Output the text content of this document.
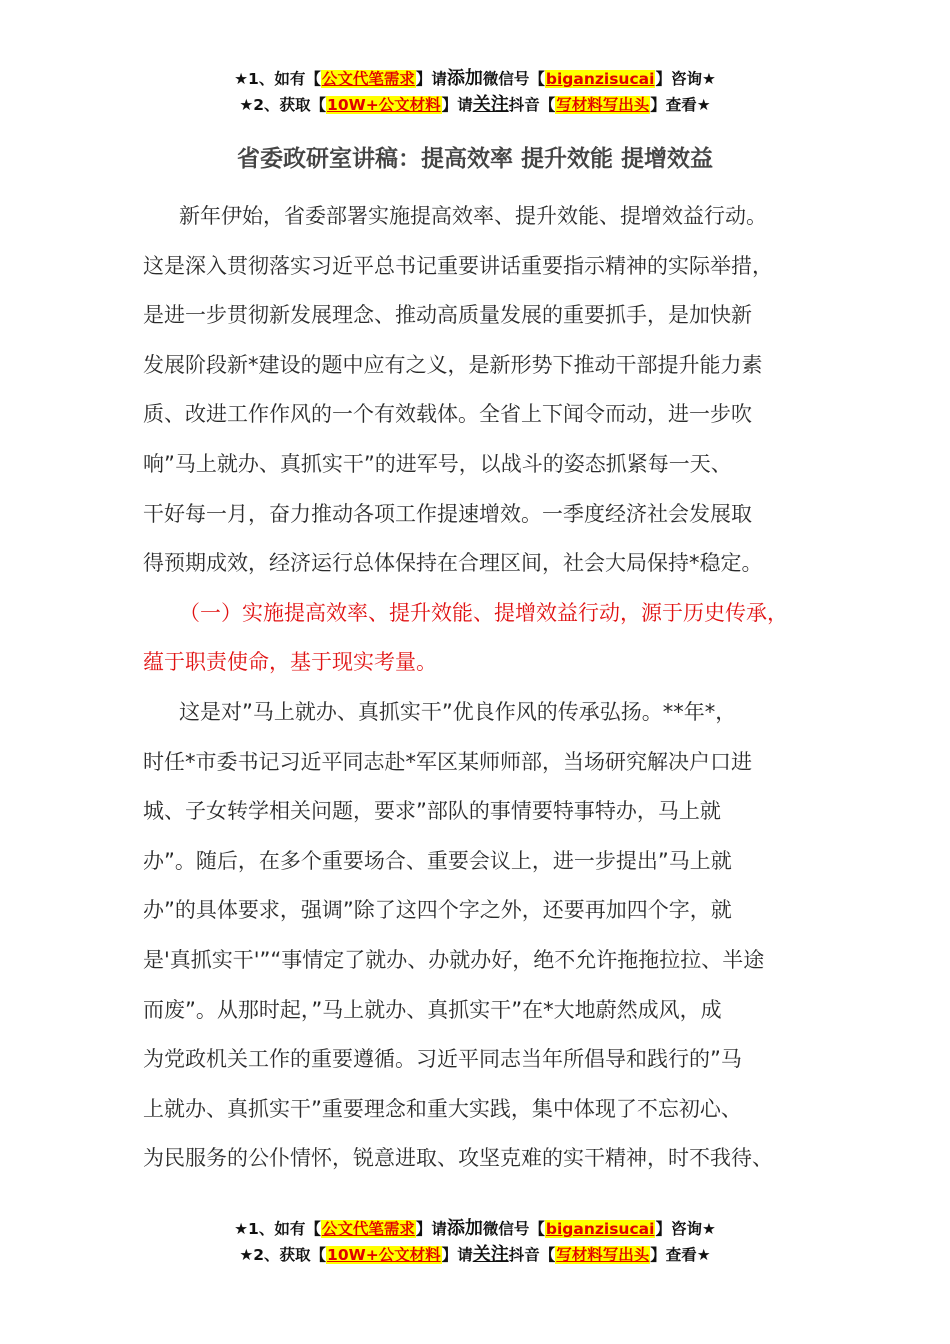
★1、如有【公文代笔需求】请添加微信号【biganzisucai】咨询★
★2、获取【10W+公文材料】请关注抖音【写材料写出头】查看★
省委政研室讲稿：提高效率 提升效能 提增效益
新年伊始，省委部署实施提高效率、提升效能、提增效益行动。
这是深入贯彻落实习近平总书记重要讲话重要指示精神的实际举措，
是进一步贯彻新发展理念、推动高质量发展的重要抓手，是加快新
发展阶段新*建设的题中应有之义，是新形势下推动干部提升能力素
质、改进工作作风的一个有效载体。全省上下闻令而动，进一步吹
响”马上就办、真抓实干”的进军号，以战斗的姿态抓紧每一天、
干好每一月，奋力推动各项工作提速增效。一季度经济社会发展取
得预期成效，经济运行总体保持在合理区间，社会大局保持*稳定。
（一）实施提高效率、提升效能、提增效益行动，源于历史传承，
蕴于职责使命，基于现实考量。
这是对”马上就办、真抓实干”优良作风的传承弘扬。**年*，
时任*市委书记习近平同志赴*军区某师师部，当场研究解决户口进
城、子女转学相关问题，要求”部队的事情要特事特办，马上就
办”。随后，在多个重要场合、重要会议上，进一步提出”马上就
办”的具体要求，强调”除了这四个字之外，还要再加四个字，就
是'真抓实干'”“事情定了就办、办就办好，绝不允许拖拖拉拉、半途
而废”。从那时起，”马上就办、真抓实干”在*大地蔚然成风，成
为党政机关工作的重要遵循。习近平同志当年所倡导和践行的”马
上就办、真抓实干”重要理念和重大实践，集中体现了不忘初心、
为民服务的公仆情怀，锐意进取、攻坚克难的实干精神，时不我待、
★1、如有【公文代笔需求】请添加微信号【biganzisucai】咨询★
★2、获取【10W+公文材料】请关注抖音【写材料写出头】查看★
